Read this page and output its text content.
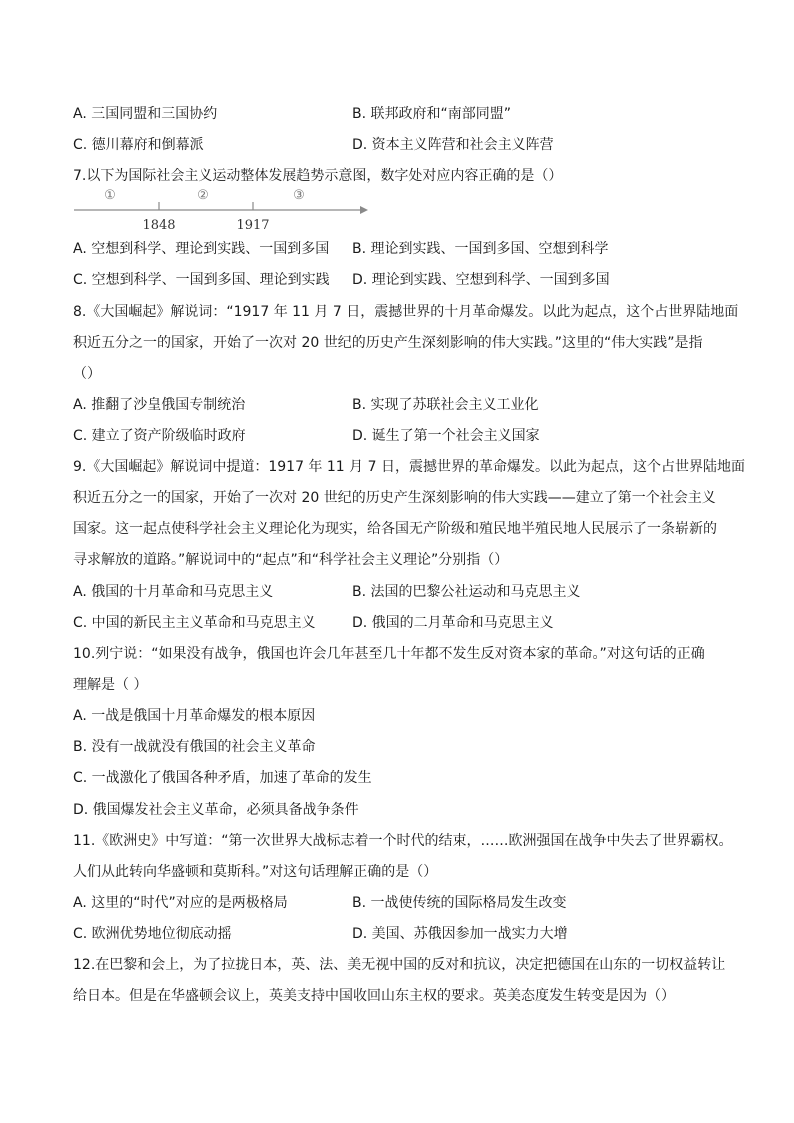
A. 三国同盟和三国协约	B. 联邦政府和“南部同盟”
C. 德川幕府和倒幕派	D. 资本主义阵营和社会主义阵营
7.以下为国际社会主义运动整体发展趋势示意图，数字处对应内容正确的是（）
①	②	③
1848	1917
A. 空想到科学、理论到实践、一国到多国 B. 理论到实践、一国到多国、空想到科学
C. 空想到科学、一国到多国、理论到实践 D. 理论到实践、空想到科学、一国到多国
8.《大国崛起》解说词：“1917 年 11 月 7 日，震撼世界的十月革命爆发。以此为起点，这个占世界陆地面
积近五分之一的国家，开始了一次对 20 世纪的历史产生深刻影响的伟大实践。”这里的“伟大实践”是指
（）
A. 推翻了沙皇俄国专制统治	B. 实现了苏联社会主义工业化
C. 建立了资产阶级临时政府	D. 诞生了第一个社会主义国家
9.《大国崛起》解说词中提道：1917 年 11 月 7 日，震撼世界的革命爆发。以此为起点，这个占世界陆地面
积近五分之一的国家，开始了一次对 20 世纪的历史产生深刻影响的伟大实践——建立了第一个社会主义
国家。这一起点使科学社会主义理论化为现实，给各国无产阶级和殖民地半殖民地人民展示了一条崭新的
寻求解放的道路。”解说词中的“起点”和“科学社会主义理论”分别指（）
A. 俄国的十月革命和马克思主义	B. 法国的巴黎公社运动和马克思主义
C. 中国的新民主主义革命和马克思主义	D. 俄国的二月革命和马克思主义
10.列宁说：“如果没有战争，俄国也许会几年甚至几十年都不发生反对资本家的革命。”对这句话的正确
理解是（ ）
A. 一战是俄国十月革命爆发的根本原因
B. 没有一战就没有俄国的社会主义革命
C. 一战激化了俄国各种矛盾，加速了革命的发生
D. 俄国爆发社会主义革命，必须具备战争条件
11.《欧洲史》中写道：“第一次世界大战标志着一个时代的结束，……欧洲强国在战争中失去了世界霸权。
人们从此转向华盛顿和莫斯科。”对这句话理解正确的是（）
A. 这里的“时代”对应的是两极格局	B. 一战使传统的国际格局发生改变
C. 欧洲优势地位彻底动摇	D. 美国、苏俄因参加一战实力大增
12.在巴黎和会上，为了拉拢日本，英、法、美无视中国的反对和抗议，决定把德国在山东的一切权益转让
给日本。但是在华盛顿会议上，英美支持中国收回山东主权的要求。英美态度发生转变是因为（）
